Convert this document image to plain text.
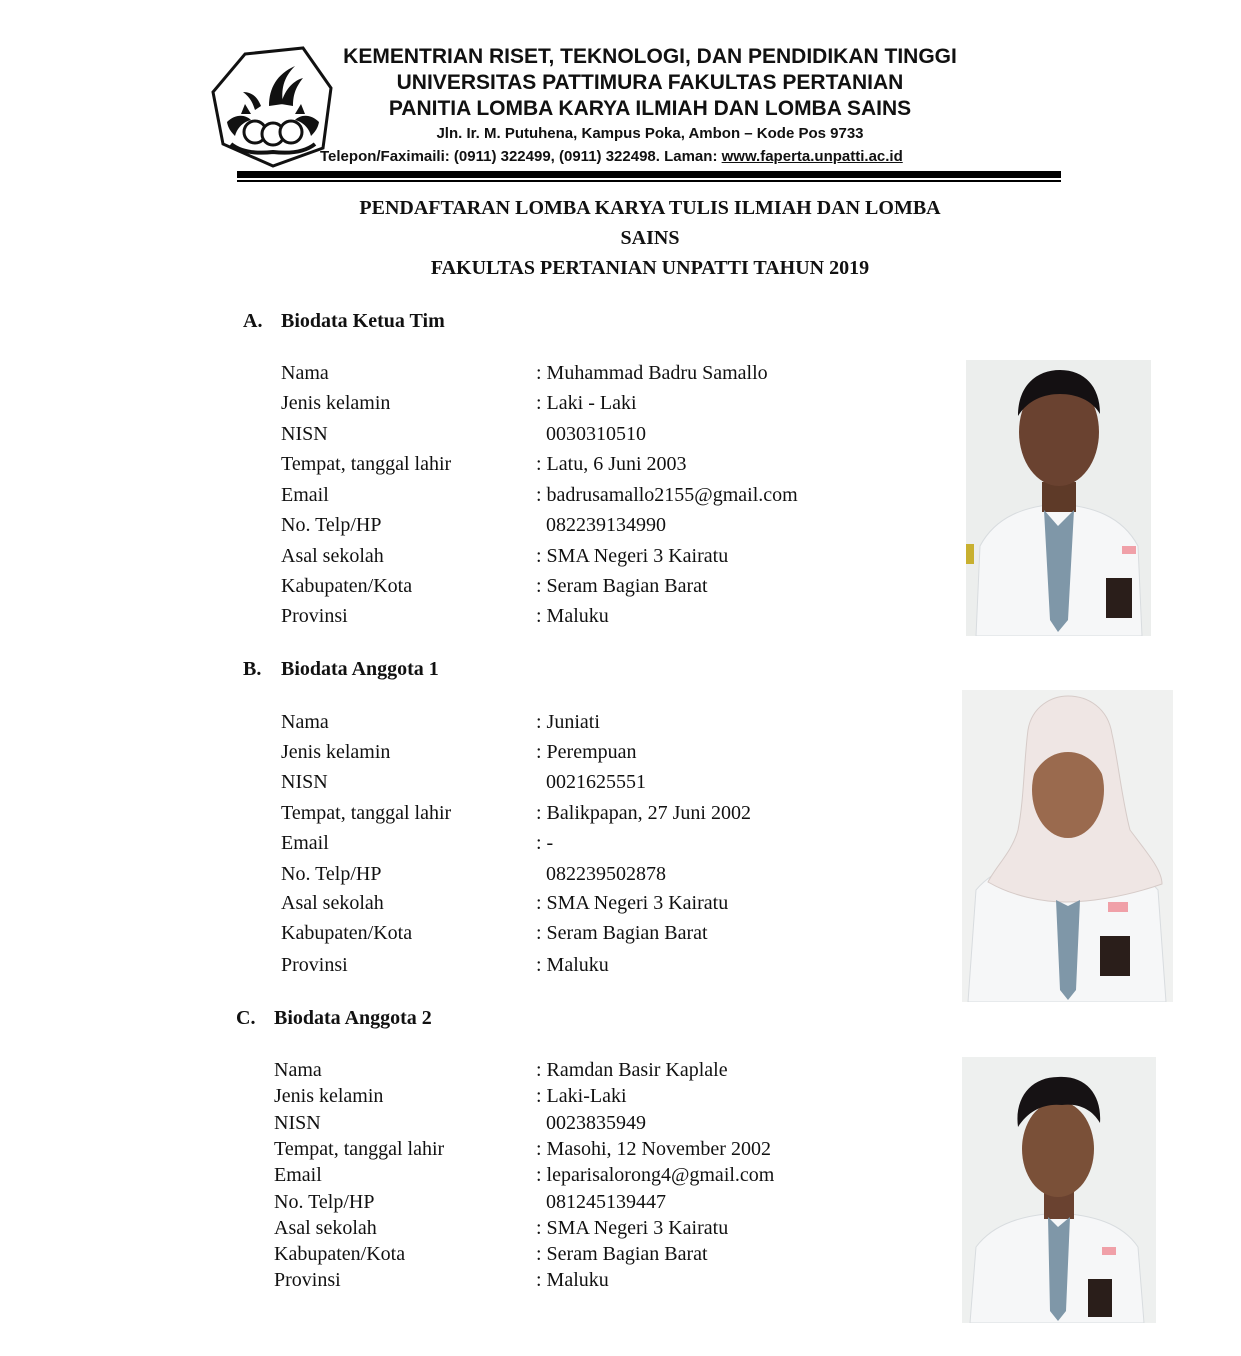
KEMENTRIAN RISET, TEKNOLOGI, DAN PENDIDIKAN TINGGI
UNIVERSITAS PATTIMURA FAKULTAS PERTANIAN
PANITIA LOMBA KARYA ILMIAH DAN LOMBA SAINS
Jln. Ir. M. Putuhena, Kampus Poka, Ambon – Kode Pos 9733
Telepon/Faximaili: (0911) 322499, (0911) 322498. Laman: www.faperta.unpatti.ac.id
PENDAFTARAN LOMBA KARYA TULIS ILMIAH DAN LOMBA
SAINS
FAKULTAS PERTANIAN UNPATTI TAHUN 2019
A. Biodata Ketua Tim
Nama	: Muhammad Badru Samallo
Jenis kelamin	: Laki - Laki
NISN	0030310510
Tempat, tanggal lahir	: Latu, 6 Juni 2003
Email	: badrusamallo2155@gmail.com
No. Telp/HP	082239134990
Asal sekolah	: SMA Negeri 3 Kairatu
Kabupaten/Kota	: Seram Bagian Barat
Provinsi	: Maluku
B. Biodata Anggota 1
Nama	: Juniati
Jenis kelamin	: Perempuan
NISN	0021625551
Tempat, tanggal lahir	: Balikpapan, 27 Juni 2002
Email	: -
No. Telp/HP	082239502878
Asal sekolah	: SMA Negeri 3 Kairatu
Kabupaten/Kota	: Seram Bagian Barat
Provinsi	: Maluku
C. Biodata Anggota 2
Nama	: Ramdan Basir Kaplale
Jenis kelamin	: Laki-Laki
NISN	0023835949
Tempat, tanggal lahir	: Masohi, 12 November 2002
Email	: leparisalorong4@gmail.com
No. Telp/HP	081245139447
Asal sekolah	: SMA Negeri 3 Kairatu
Kabupaten/Kota	: Seram Bagian Barat
Provinsi	: Maluku
